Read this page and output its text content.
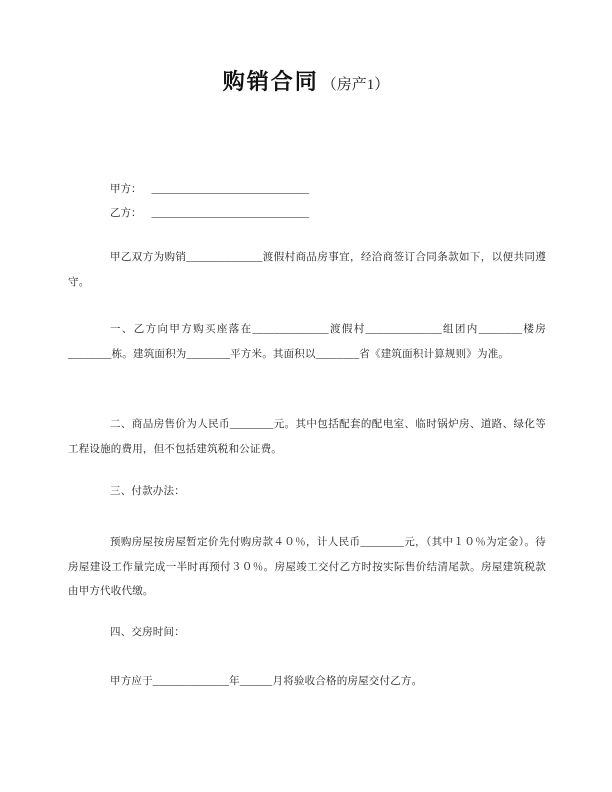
购销合同 （房产1）
甲方： ______________________________
乙方： ______________________________
甲乙双方为购销______________渡假村商品房事宜，经洽商签订合同条款如下，以便共同遵守。
一、乙方向甲方购买座落在______________渡假村______________组团内________楼房________栋。建筑面积为________平方米。其面积以________省《建筑面积计算规则》为准。
二、商品房售价为人民币________元。其中包括配套的配电室、临时锅炉房、道路、绿化等工程设施的费用，但不包括建筑税和公证费。
三、付款办法：
预购房屋按房屋暂定价先付购房款４０％，计人民币________元，（其中１０％为定金）。待房屋建设工作量完成一半时再预付３０％。房屋竣工交付乙方时按实际售价结清尾款。房屋建筑税款由甲方代收代缴。
四、交房时间：
甲方应于______________年______月将验收合格的房屋交付乙方。
